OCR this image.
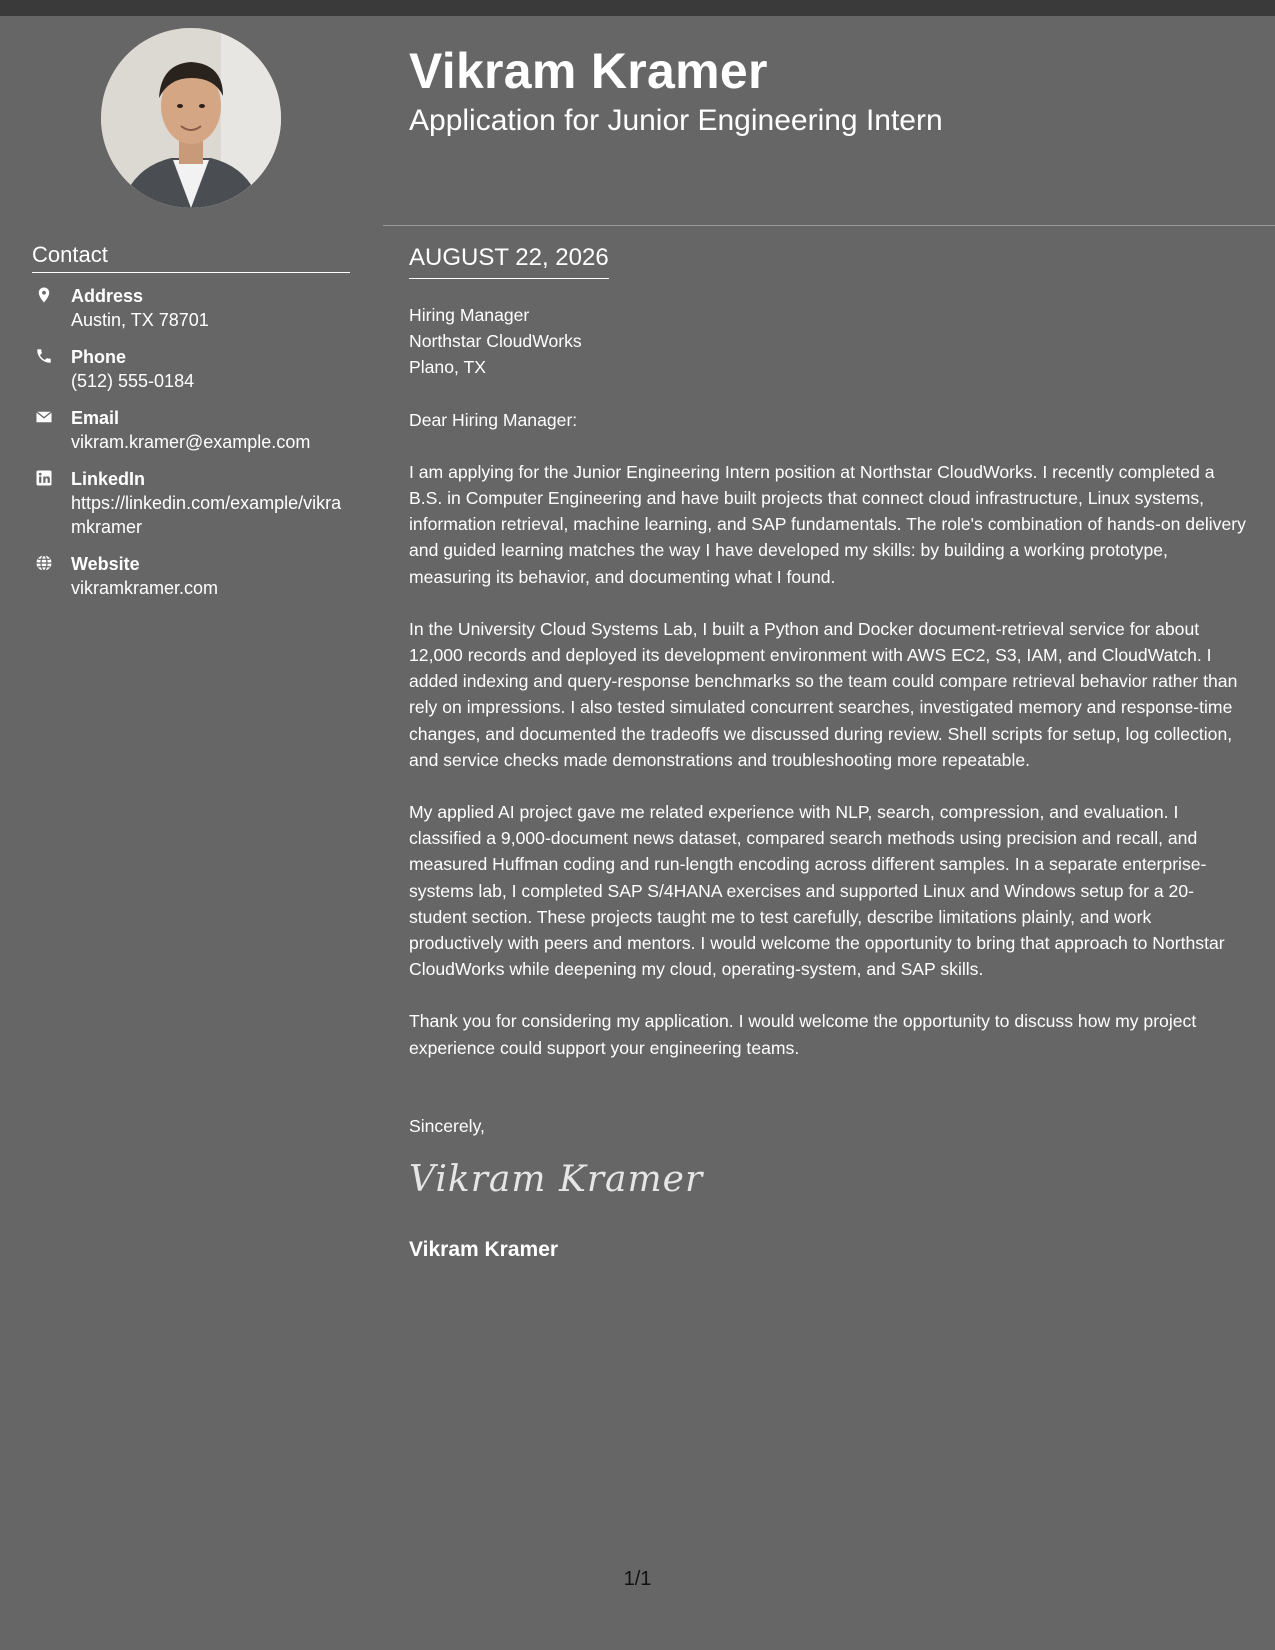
Contact
Address
Austin, TX 78701
Phone
(512) 555-0184
Email
vikram.kramer@example.com
LinkedIn
https://linkedin.com/example/vikramkramer
Website
vikramkramer.com
Vikram Kramer
Application for Junior Engineering Intern
AUGUST 22, 2026
Hiring Manager
Northstar CloudWorks
Plano, TX

Dear Hiring Manager:

I am applying for the Junior Engineering Intern position at Northstar CloudWorks. I recently completed a B.S. in Computer Engineering and have built projects that connect cloud infrastructure, Linux systems, information retrieval, machine learning, and SAP fundamentals. The role's combination of hands-on delivery and guided learning matches the way I have developed my skills: by building a working prototype, measuring its behavior, and documenting what I found.

In the University Cloud Systems Lab, I built a Python and Docker document-retrieval service for about 12,000 records and deployed its development environment with AWS EC2, S3, IAM, and CloudWatch. I added indexing and query-response benchmarks so the team could compare retrieval behavior rather than rely on impressions. I also tested simulated concurrent searches, investigated memory and response-time changes, and documented the tradeoffs we discussed during review. Shell scripts for setup, log collection, and service checks made demonstrations and troubleshooting more repeatable.

My applied AI project gave me related experience with NLP, search, compression, and evaluation. I classified a 9,000-document news dataset, compared search methods using precision and recall, and measured Huffman coding and run-length encoding across different samples. In a separate enterprise-systems lab, I completed SAP S/4HANA exercises and supported Linux and Windows setup for a 20-student section. These projects taught me to test carefully, describe limitations plainly, and work productively with peers and mentors. I would welcome the opportunity to bring that approach to Northstar CloudWorks while deepening my cloud, operating-system, and SAP skills.

Thank you for considering my application. I would welcome the opportunity to discuss how my project experience could support your engineering teams.

Sincerely,
Vikram Kramer
Vikram Kramer
1/1
